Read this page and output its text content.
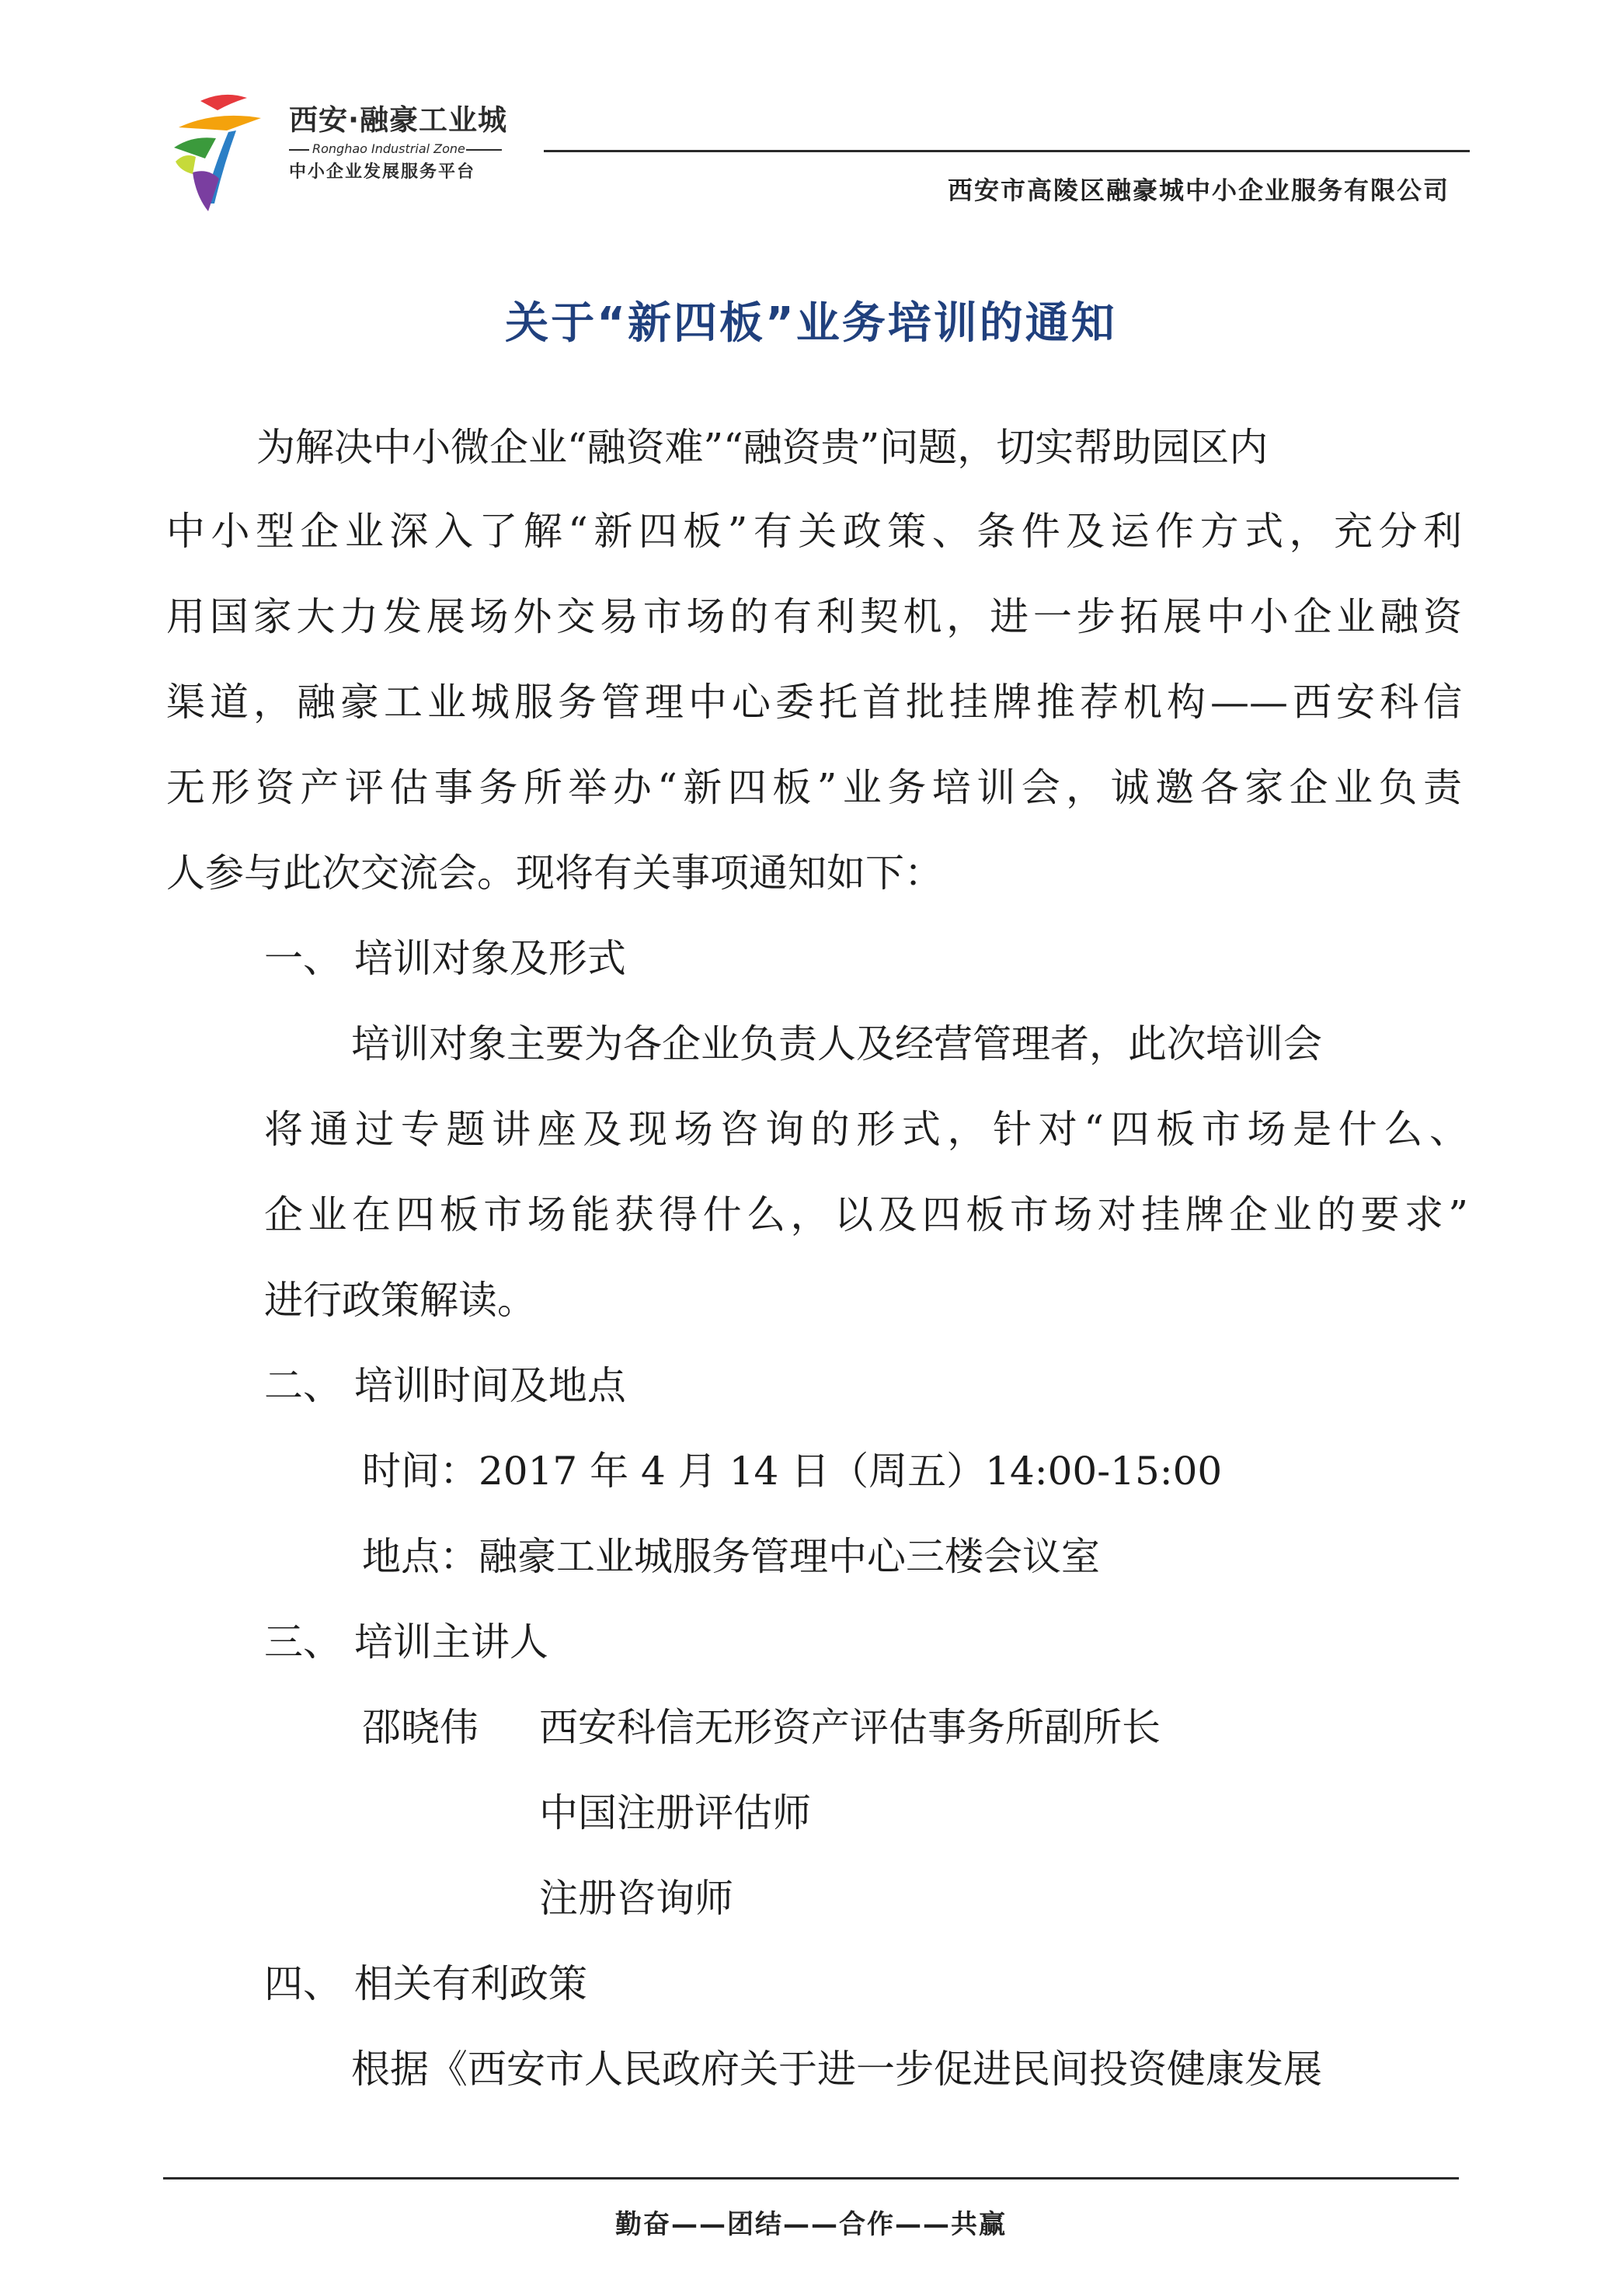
西安·融豪工业城
Ronghao Industrial Zone
中小企业发展服务平台
西安市高陵区融豪城中小企业服务有限公司
关于“新四板”业务培训的通知
为解决中小微企业“融资难”“融资贵”问题，切实帮助园区内
中小型企业深入了解“新四板”有关政策、条件及运作方式，充分利
用国家大力发展场外交易市场的有利契机，进一步拓展中小企业融资
渠道，融豪工业城服务管理中心委托首批挂牌推荐机构——西安科信
无形资产评估事务所举办“新四板”业务培训会，诚邀各家企业负责
人参与此次交流会。现将有关事项通知如下：
一、 培训对象及形式
培训对象主要为各企业负责人及经营管理者，此次培训会
将通过专题讲座及现场咨询的形式，针对“四板市场是什么、
企业在四板市场能获得什么，以及四板市场对挂牌企业的要求”
进行政策解读。
二、 培训时间及地点
时间：2017 年 4 月 14 日（周五）14:00-15:00
地点：融豪工业城服务管理中心三楼会议室
三、 培训主讲人
邵晓伟 西安科信无形资产评估事务所副所长
中国注册评估师
注册咨询师
四、 相关有利政策
根据《西安市人民政府关于进一步促进民间投资健康发展
勤奋——团结——合作——共赢
